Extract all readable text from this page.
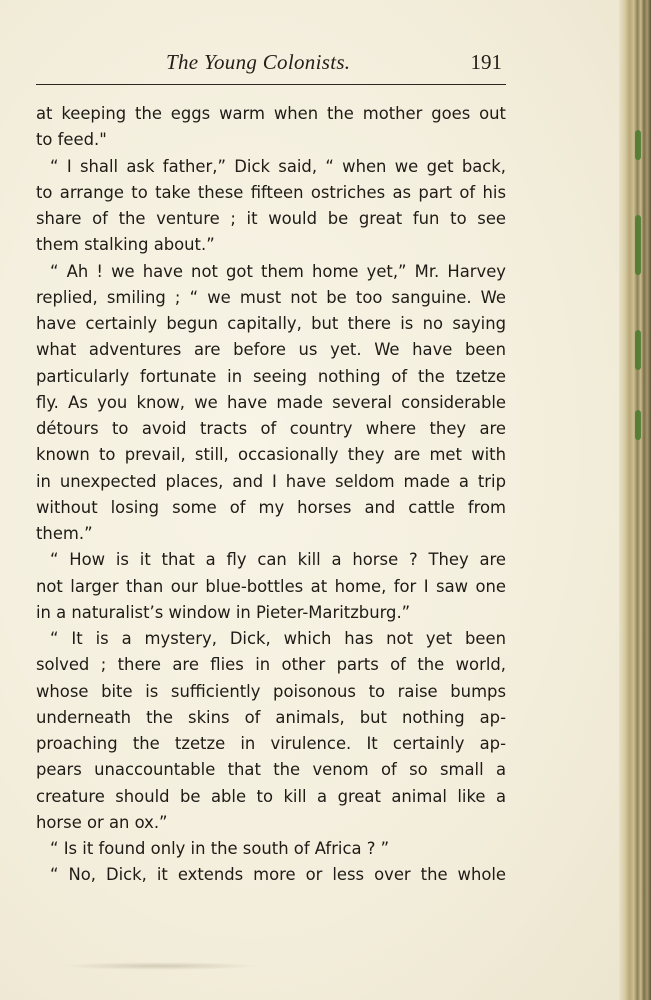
The Young Colonists.	191
at keeping the eggs warm when the mother goes out
to feed."
“ I shall ask father,” Dick said, “ when we get back,
to arrange to take these fifteen ostriches as part of his
share of the venture ; it would be great fun to see
them stalking about.”
“ Ah ! we have not got them home yet,” Mr. Harvey
replied, smiling ; “ we must not be too sanguine. We
have certainly begun capitally, but there is no saying
what adventures are before us yet. We have been
particularly fortunate in seeing nothing of the tzetze
fly. As you know, we have made several considerable
détours to avoid tracts of country where they are
known to prevail, still, occasionally they are met with
in unexpected places, and I have seldom made a trip
without losing some of my horses and cattle from
them.”
“ How is it that a fly can kill a horse ? They are
not larger than our blue-bottles at home, for I saw one
in a naturalist’s window in Pieter-Maritzburg.”
“ It is a mystery, Dick, which has not yet been
solved ; there are flies in other parts of the world,
whose bite is sufficiently poisonous to raise bumps
underneath the skins of animals, but nothing ap-
proaching the tzetze in virulence. It certainly ap-
pears unaccountable that the venom of so small a
creature should be able to kill a great animal like a
horse or an ox.”
“ Is it found only in the south of Africa ? ”
“ No, Dick, it extends more or less over the whole
